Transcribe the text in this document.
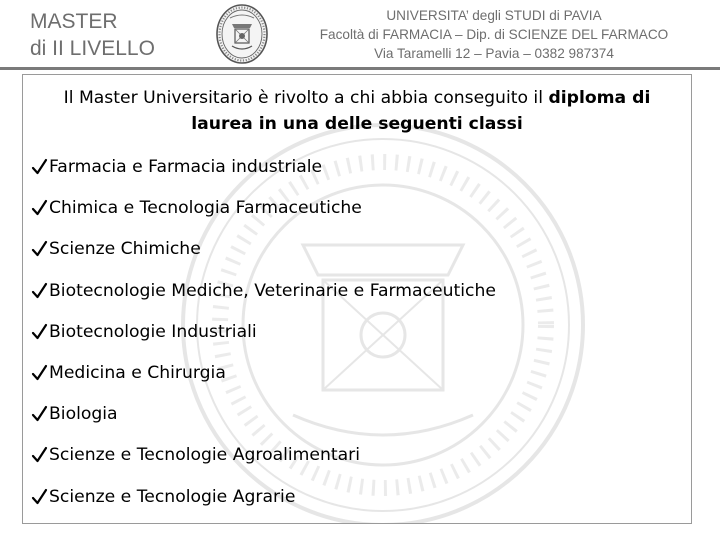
MASTER
di II LIVELLO
UNIVERSITA’ degli STUDI di PAVIA
Facoltà di FARMACIA – Dip. di SCIENZE DEL FARMACO
Via Taramelli 12 – Pavia – 0382 987374
Il Master Universitario è rivolto a chi abbia conseguito il diploma di laurea in una delle seguenti classi
Farmacia e Farmacia industriale
Chimica e Tecnologia Farmaceutiche
Scienze Chimiche
Biotecnologie Mediche, Veterinarie e Farmaceutiche
Biotecnologie Industriali
Medicina e Chirurgia
Biologia
Scienze e Tecnologie Agroalimentari
Scienze e Tecnologie Agrarie
